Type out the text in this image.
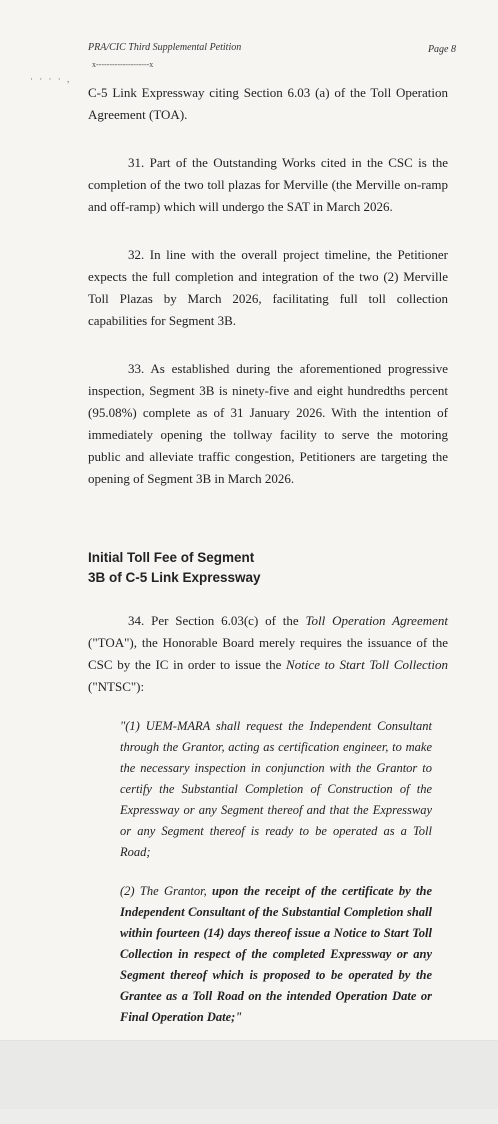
PRA/CIC Third Supplemental Petition	Page 8
x--------------------x
· · · · ,

C-5 Link Expressway citing Section 6.03 (a) of the Toll Operation Agreement (TOA).

31. Part of the Outstanding Works cited in the CSC is the completion of the two toll plazas for Merville (the Merville on-ramp and off-ramp) which will undergo the SAT in March 2026.

32. In line with the overall project timeline, the Petitioner expects the full completion and integration of the two (2) Merville Toll Plazas by March 2026, facilitating full toll collection capabilities for Segment 3B.

33. As established during the aforementioned progressive inspection, Segment 3B is ninety-five and eight hundredths percent (95.08%) complete as of 31 January 2026. With the intention of immediately opening the tollway facility to serve the motoring public and alleviate traffic congestion, Petitioners are targeting the opening of Segment 3B in March 2026.

Initial Toll Fee of Segment
3B of C-5 Link Expressway

34. Per Section 6.03(c) of the Toll Operation Agreement ("TOA"), the Honorable Board merely requires the issuance of the CSC by the IC in order to issue the Notice to Start Toll Collection ("NTSC"):

"(1) UEM-MARA shall request the Independent Consultant through the Grantor, acting as certification engineer, to make the necessary inspection in conjunction with the Grantor to certify the Substantial Completion of Construction of the Expressway or any Segment thereof and that the Expressway or any Segment thereof is ready to be operated as a Toll Road;
(2) The Grantor, upon the receipt of the certificate by the Independent Consultant of the Substantial Completion shall within fourteen (14) days thereof issue a Notice to Start Toll Collection in respect of the completed Expressway or any Segment thereof which is proposed to be operated by the Grantee as a Toll Road on the intended Operation Date or Final Operation Date;"
